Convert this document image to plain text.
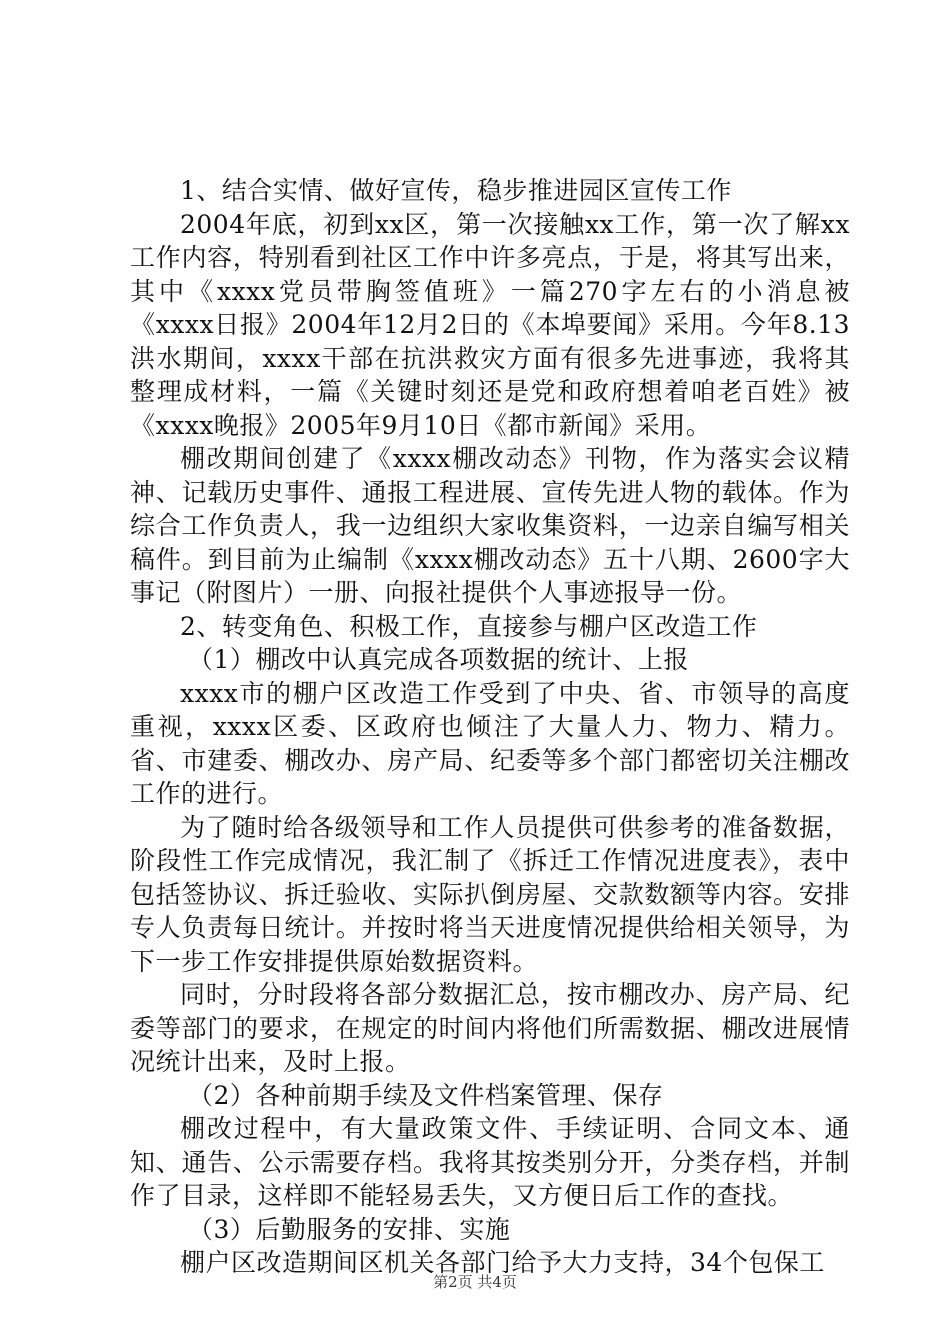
1、结合实情、做好宣传，稳步推进园区宣传工作

2004年底，初到xx区，第一次接触xx工作，第一次了解xx工作内容，特别看到社区工作中许多亮点，于是，将其写出来，其中《xxxx党员带胸签值班》一篇270字左右的小消息被《xxxx日报》2004年12月2日的《本埠要闻》采用。今年8.13洪水期间，xxxx干部在抗洪救灾方面有很多先进事迹，我将其整理成材料，一篇《关键时刻还是党和政府想着咱老百姓》被《xxxx晚报》2005年9月10日《都市新闻》采用。

棚改期间创建了《xxxx棚改动态》刊物，作为落实会议精神、记载历史事件、通报工程进展、宣传先进人物的载体。作为综合工作负责人，我一边组织大家收集资料，一边亲自编写相关稿件。到目前为止编制《xxxx棚改动态》五十八期、2600字大事记（附图片）一册、向报社提供个人事迹报导一份。

2、转变角色、积极工作，直接参与棚户区改造工作

（1）棚改中认真完成各项数据的统计、上报

xxxx市的棚户区改造工作受到了中央、省、市领导的高度重视，xxxx区委、区政府也倾注了大量人力、物力、精力。省、市建委、棚改办、房产局、纪委等多个部门都密切关注棚改工作的进行。

为了随时给各级领导和工作人员提供可供参考的准备数据，阶段性工作完成情况，我汇制了《拆迁工作情况进度表》，表中包括签协议、拆迁验收、实际扒倒房屋、交款数额等内容。安排专人负责每日统计。并按时将当天进度情况提供给相关领导，为下一步工作安排提供原始数据资料。

同时，分时段将各部分数据汇总，按市棚改办、房产局、纪委等部门的要求，在规定的时间内将他们所需数据、棚改进展情况统计出来，及时上报。

（2）各种前期手续及文件档案管理、保存

棚改过程中，有大量政策文件、手续证明、合同文本、通知、通告、公示需要存档。我将其按类别分开，分类存档，并制作了目录，这样即不能轻易丢失，又方便日后工作的查找。

（3）后勤服务的安排、实施

棚户区改造期间区机关各部门给予大力支持，34个包保工

第2页 共4页
